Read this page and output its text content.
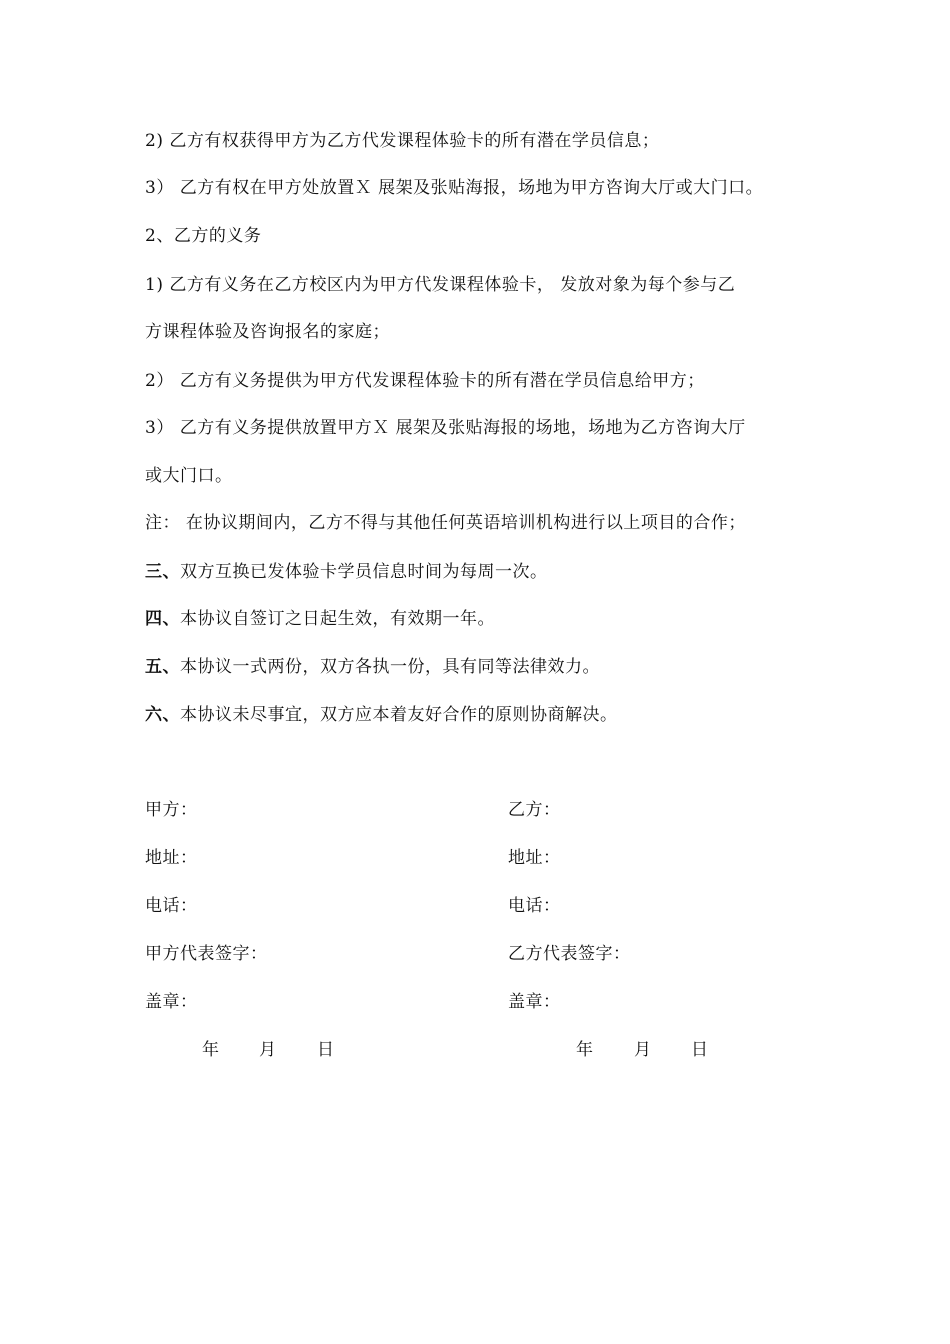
2) 乙方有权获得甲方为乙方代发课程体验卡的所有潜在学员信息；
3） 乙方有权在甲方处放置Ｘ 展架及张贴海报，场地为甲方咨询大厅或大门口。
2、乙方的义务
1) 乙方有义务在乙方校区内为甲方代发课程体验卡， 发放对象为每个参与乙
方课程体验及咨询报名的家庭；
2） 乙方有义务提供为甲方代发课程体验卡的所有潜在学员信息给甲方；
3） 乙方有义务提供放置甲方Ｘ 展架及张贴海报的场地，场地为乙方咨询大厅
或大门口。
注： 在协议期间内，乙方不得与其他任何英语培训机构进行以上项目的合作；
三、双方互换已发体验卡学员信息时间为每周一次。
四、本协议自签订之日起生效，有效期一年。
五、本协议一式两份，双方各执一份，具有同等法律效力。
六、本协议未尽事宜，双方应本着友好合作的原则协商解决。
甲方：
地址：
电话：
甲方代表签字：
盖章：
乙方：
地址：
电话：
乙方代表签字：
盖章：
年 月 日	年 月 日
